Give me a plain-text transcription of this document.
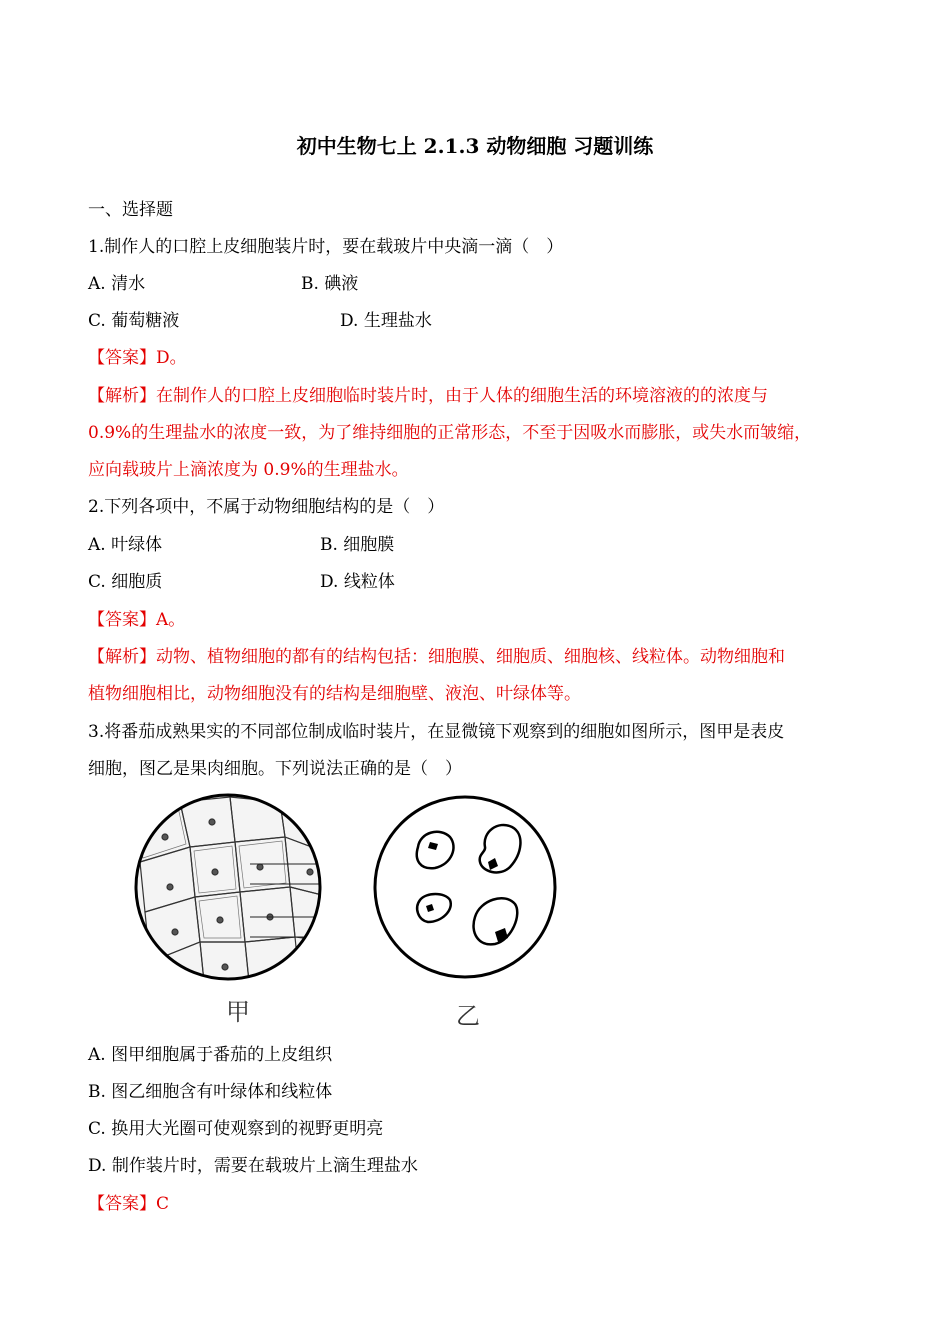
初中生物七上 2.1.3 动物细胞 习题训练
一、选择题
1.制作人的口腔上皮细胞装片时，要在载玻片中央滴一滴（　）
A. 清水	B. 碘液
C. 葡萄糖液	D. 生理盐水
【答案】D。
【解析】在制作人的口腔上皮细胞临时装片时，由于人体的细胞生活的环境溶液的的浓度与
0.9%的生理盐水的浓度一致，为了维持细胞的正常形态，不至于因吸水而膨胀，或失水而皱缩，
应向载玻片上滴浓度为 0.9%的生理盐水。
2.下列各项中，不属于动物细胞结构的是（　）
A. 叶绿体	B. 细胞膜
C. 细胞质	D. 线粒体
【答案】A。
【解析】动物、植物细胞的都有的结构包括：细胞膜、细胞质、细胞核、线粒体。动物细胞和
植物细胞相比，动物细胞没有的结构是细胞壁、液泡、叶绿体等。
3.将番茄成熟果实的不同部位制成临时装片，在显微镜下观察到的细胞如图所示，图甲是表皮
细胞，图乙是果肉细胞。下列说法正确的是（　）
甲	乙
A. 图甲细胞属于番茄的上皮组织
B. 图乙细胞含有叶绿体和线粒体
C. 换用大光圈可使观察到的视野更明亮
D. 制作装片时，需要在载玻片上滴生理盐水
【答案】C
